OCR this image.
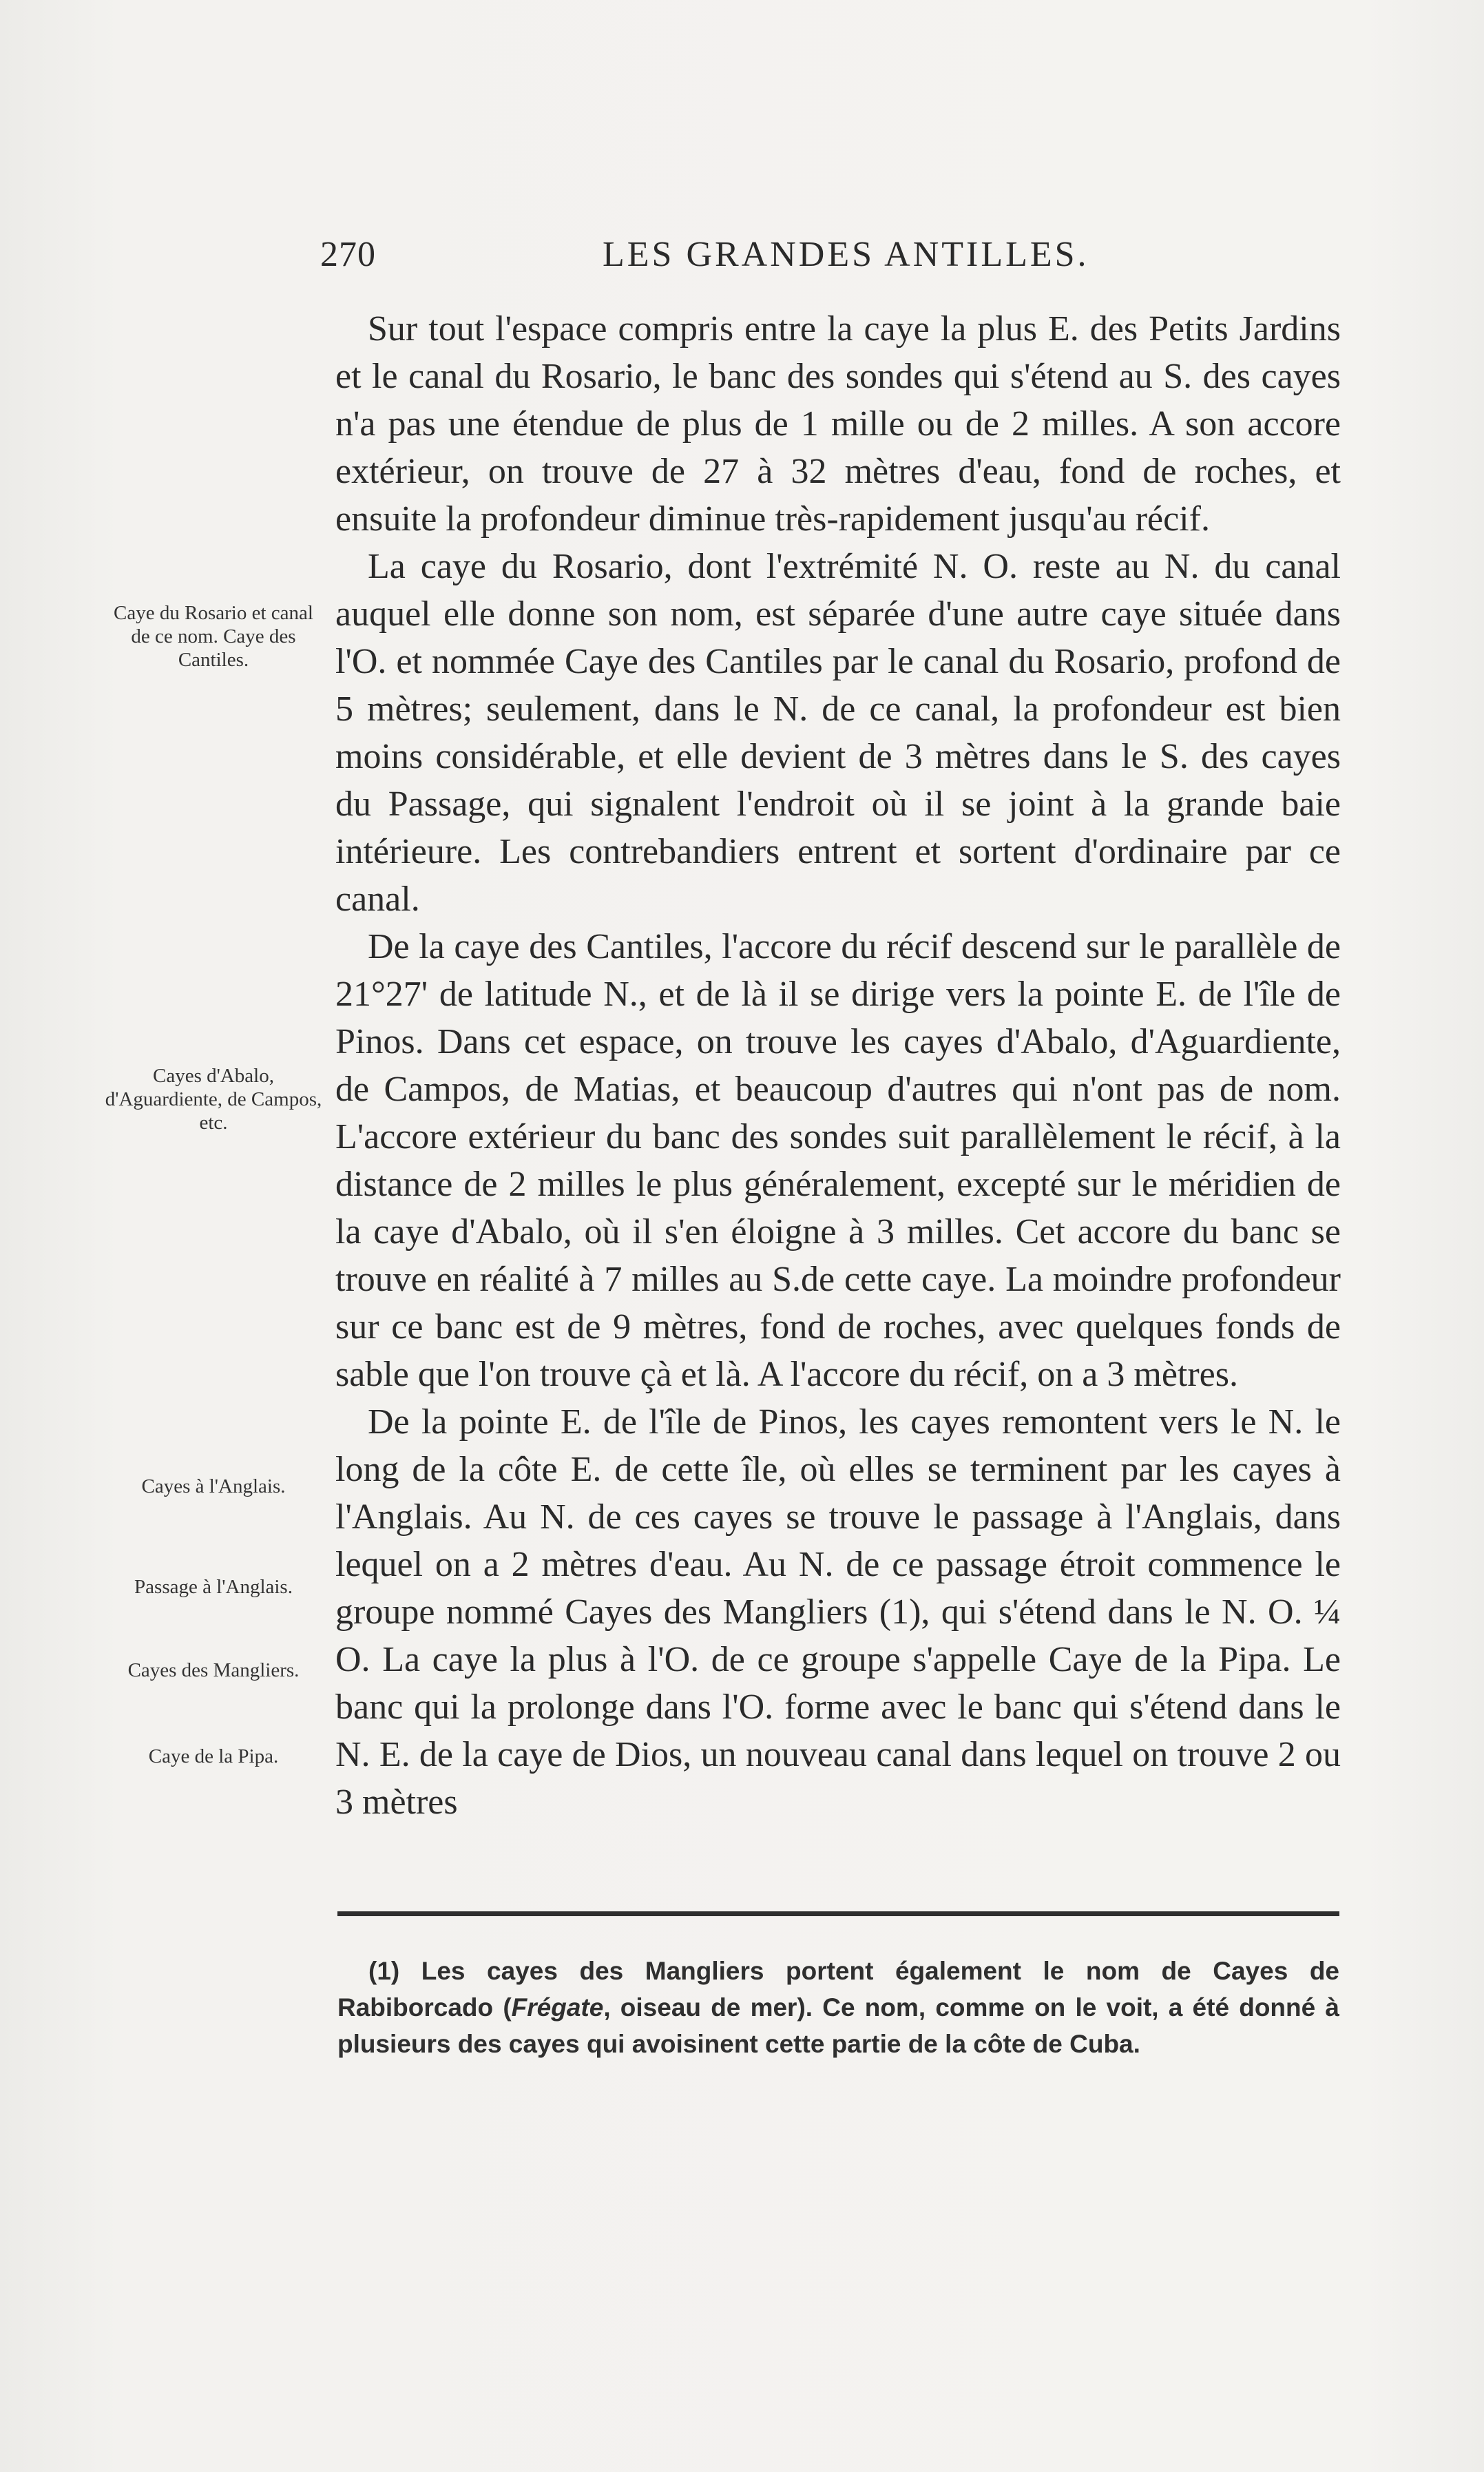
270	LES GRANDES ANTILLES.
Caye du Rosario et canal de ce nom. Caye des Cantiles.
Cayes d'Abalo, d'Aguardiente, de Campos, etc.
Cayes à l'Anglais.
Passage à l'Anglais.
Cayes des Mangliers.
Caye de la Pipa.

Sur tout l'espace compris entre la caye la plus E. des Petits Jardins et le canal du Rosario, le banc des sondes qui s'étend au S. des cayes n'a pas une étendue de plus de 1 mille ou de 2 milles. A son accore extérieur, on trouve de 27 à 32 mètres d'eau, fond de roches, et ensuite la profondeur diminue très-rapidement jusqu'au récif.

La caye du Rosario, dont l'extrémité N. O. reste au N. du canal auquel elle donne son nom, est séparée d'une autre caye située dans l'O. et nommée Caye des Cantiles par le canal du Rosario, profond de 5 mètres; seulement, dans le N. de ce canal, la profondeur est bien moins considérable, et elle devient de 3 mètres dans le S. des cayes du Passage, qui signalent l'endroit où il se joint à la grande baie intérieure. Les contrebandiers entrent et sortent d'ordinaire par ce canal.

De la caye des Cantiles, l'accore du récif descend sur le parallèle de 21°27' de latitude N., et de là il se dirige vers la pointe E. de l'île de Pinos. Dans cet espace, on trouve les cayes d'Abalo, d'Aguardiente, de Campos, de Matias, et beaucoup d'autres qui n'ont pas de nom. L'accore extérieur du banc des sondes suit parallèlement le récif, à la distance de 2 milles le plus généralement, excepté sur le méridien de la caye d'Abalo, où il s'en éloigne à 3 milles. Cet accore du banc se trouve en réalité à 7 milles au S.de cette caye. La moindre profondeur sur ce banc est de 9 mètres, fond de roches, avec quelques fonds de sable que l'on trouve çà et là. A l'accore du récif, on a 3 mètres.

De la pointe E. de l'île de Pinos, les cayes remontent vers le N. le long de la côte E. de cette île, où elles se terminent par les cayes à l'Anglais. Au N. de ces cayes se trouve le passage à l'Anglais, dans lequel on a 2 mètres d'eau. Au N. de ce passage étroit commence le groupe nommé Cayes des Mangliers (1), qui s'étend dans le N. O. ¼ O. La caye la plus à l'O. de ce groupe s'appelle Caye de la Pipa. Le banc qui la prolonge dans l'O. forme avec le banc qui s'étend dans le N. E. de la caye de Dios, un nouveau canal dans lequel on trouve 2 ou 3 mètres

(1) Les cayes des Mangliers portent également le nom de Cayes de Rabiborcado (Frégate, oiseau de mer). Ce nom, comme on le voit, a été donné à plusieurs des cayes qui avoisinent cette partie de la côte de Cuba.
